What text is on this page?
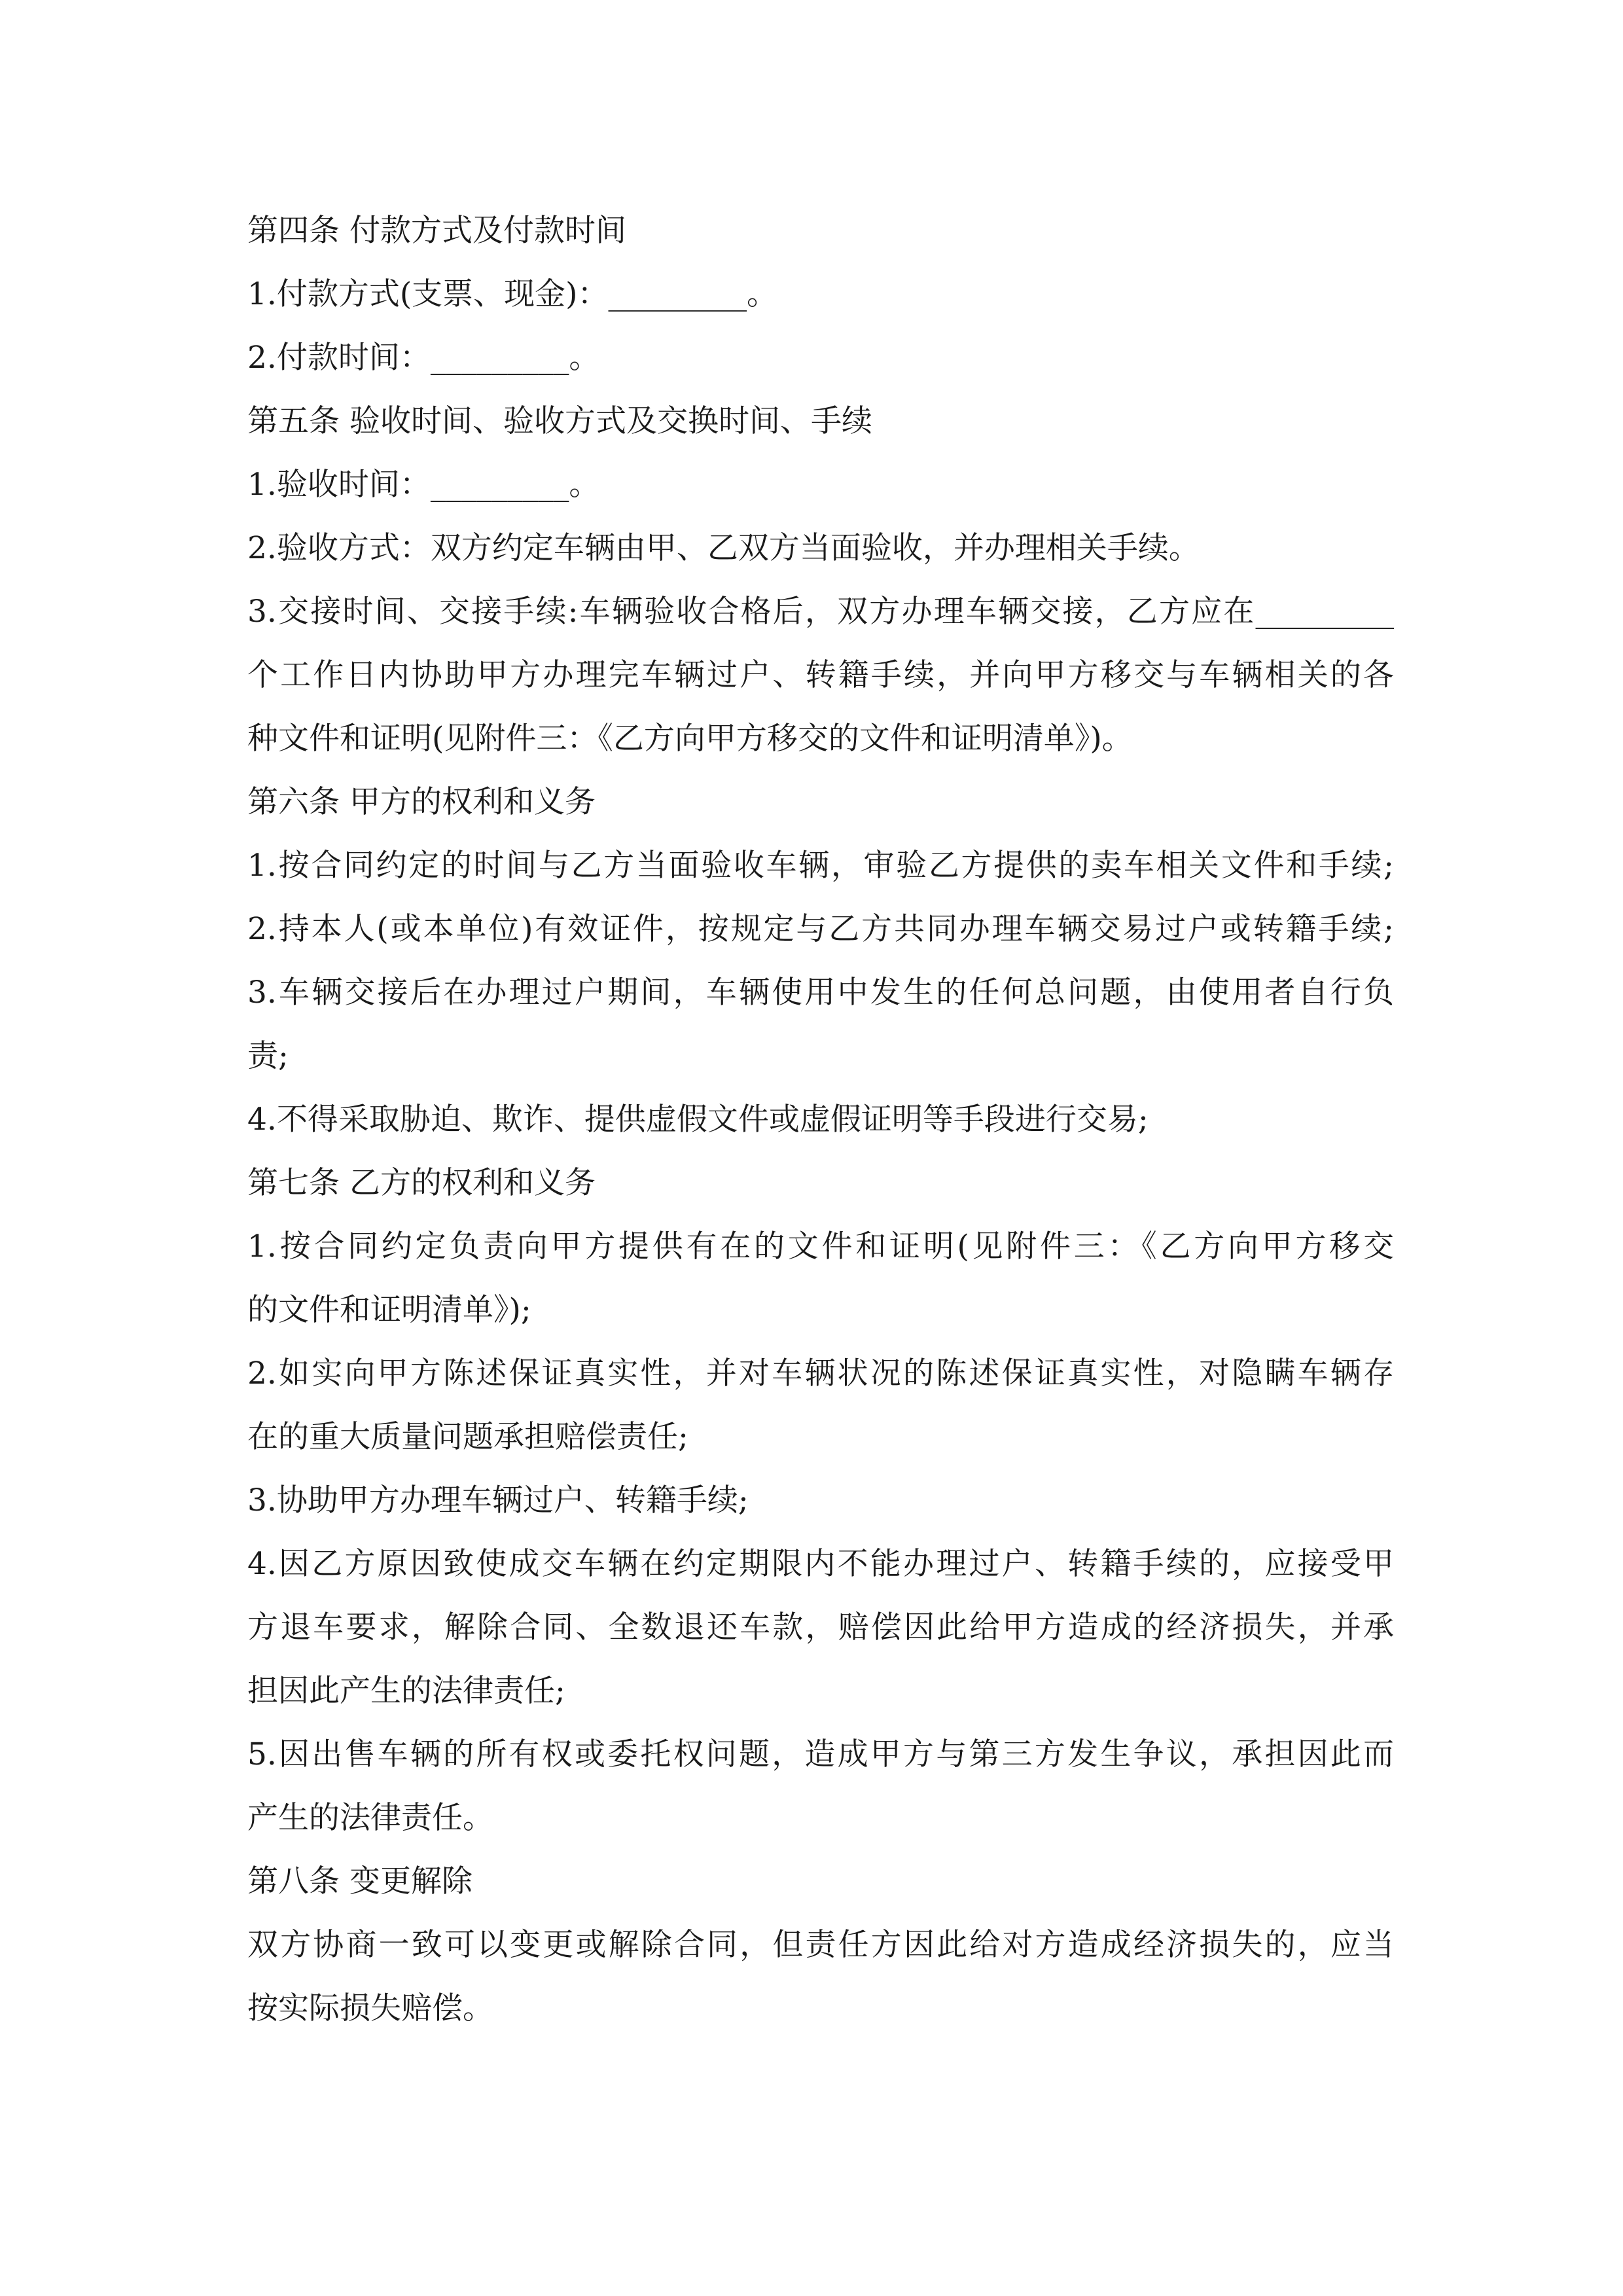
第四条 付款方式及付款时间
1.付款方式(支票、现金)：_________。
2.付款时间：_________。
第五条 验收时间、验收方式及交换时间、手续
1.验收时间：_________。
2.验收方式：双方约定车辆由甲、乙双方当面验收，并办理相关手续。
3.交接时间、交接手续:车辆验收合格后，双方办理车辆交接，乙方应在_________
个工作日内协助甲方办理完车辆过户、转籍手续，并向甲方移交与车辆相关的各
种文件和证明(见附件三：《乙方向甲方移交的文件和证明清单》)。
第六条 甲方的权利和义务
1.按合同约定的时间与乙方当面验收车辆，审验乙方提供的卖车相关文件和手续;
2.持本人(或本单位)有效证件，按规定与乙方共同办理车辆交易过户或转籍手续;
3.车辆交接后在办理过户期间，车辆使用中发生的任何总问题，由使用者自行负
责;
4.不得采取胁迫、欺诈、提供虚假文件或虚假证明等手段进行交易;
第七条 乙方的权利和义务
1.按合同约定负责向甲方提供有在的文件和证明(见附件三：《乙方向甲方移交
的文件和证明清单》);
2.如实向甲方陈述保证真实性，并对车辆状况的陈述保证真实性，对隐瞒车辆存
在的重大质量问题承担赔偿责任;
3.协助甲方办理车辆过户、转籍手续;
4.因乙方原因致使成交车辆在约定期限内不能办理过户、转籍手续的，应接受甲
方退车要求，解除合同、全数退还车款，赔偿因此给甲方造成的经济损失，并承
担因此产生的法律责任;
5.因出售车辆的所有权或委托权问题，造成甲方与第三方发生争议，承担因此而
产生的法律责任。
第八条 变更解除
双方协商一致可以变更或解除合同，但责任方因此给对方造成经济损失的，应当
按实际损失赔偿。
